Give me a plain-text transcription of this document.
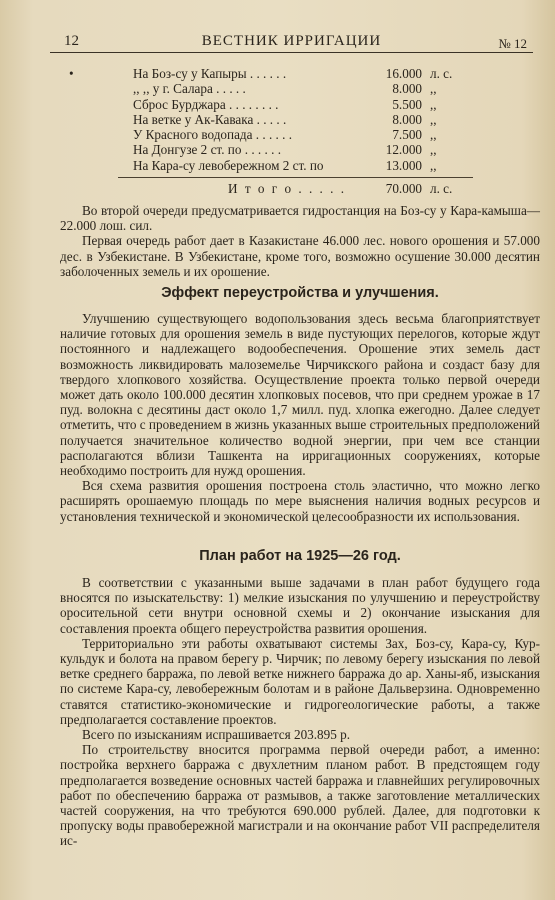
12	ВЕСТНИК ИРРИГАЦИИ	№ 12
•	На Боз-су у Капыры . . . . . .	16.000 л. с.
,, ,, у г. Салара . . . . .	8.000 ,,
Сброс Бурджара . . . . . . . .	5.500 ,,
На ветке у Ак-Кавака . . . . .	8.000 ,,
У Красного водопада . . . . . .	7.500 ,,
На Донгузе 2 ст. по . . . . . .	12.000 ,,
На Кара-су левобережном 2 ст. по	13.000 ,,
И т о г о . . . . .	70.000 л. с.

Во второй очереди предусматривается гидростанция на Боз-су у Кара-камыша—22.000 лош. сил.

Первая очередь работ дает в Казакистане 46.000 лес. нового орошения и 57.000 дес. в Узбекистане. В Узбекистане, кроме того, возможно осушение 30.000 десятин заболоченных земель и их орошение.

Эффект переустройства и улучшения.

Улучшению существующего водопользования здесь весьма благоприятствует наличие готовых для орошения земель в виде пустующих перелогов, которые ждут постоянного и надлежащего водообеспечения. Орошение этих земель даст возможность ликвидировать малоземелье Чирчикского района и создаст базу для твердого хлопкового хозяйства. Осуществление проекта только первой очереди может дать около 100.000 десятин хлопковых посевов, что при среднем урожае в 17 пуд. волокна с десятины даст около 1,7 милл. пуд. хлопка ежегодно. Далее следует отметить, что с проведением в жизнь указанных выше строительных предположений получается значительное количество водной энергии, при чем все станции располагаются вблизи Ташкента на ирригационных сооружениях, которые необходимо построить для нужд орошения.

Вся схема развития орошения построена столь эластично, что можно легко расширять орошаемую площадь по мере выяснения наличия водных ресурсов и установления технической и экономической целесообразности их использования.

План работ на 1925—26 год.

В соответствии с указанными выше задачами в план работ будущего года вносятся по изыскательству: 1) мелкие изыскания по улучшению и переустройству оросительной сети внутри основной схемы и 2) окончание изыскания для составления проекта общего переустройства развития орошения.

Территориально эти работы охватывают системы Зах, Боз-су, Кара-су, Кур-кульдук и болота на правом берегу р. Чирчик; по левому берегу изыскания по левой ветке среднего барража, по левой ветке нижнего барража до ар. Ханы-яб, изыскания по системе Кара-су, левобережным болотам и в районе Дальверзина. Одновременно ставятся статистико-экономические и гидрогеологические работы, а также предполагается составление проектов.

Всего по изысканиям испрашивается 203.895 р.

По строительству вносится программа первой очереди работ, а именно: постройка верхнего барража с двухлетним планом работ. В предстоящем году предполагается возведение основных частей барража и главнейших регулировочных работ по обеспечению барража от размывов, а также заготовление металлических частей сооружения, на что требуются 690.000 рублей. Далее, для подготовки к пропуску воды правобережной магистрали и на окончание работ VII распределителя ис-
